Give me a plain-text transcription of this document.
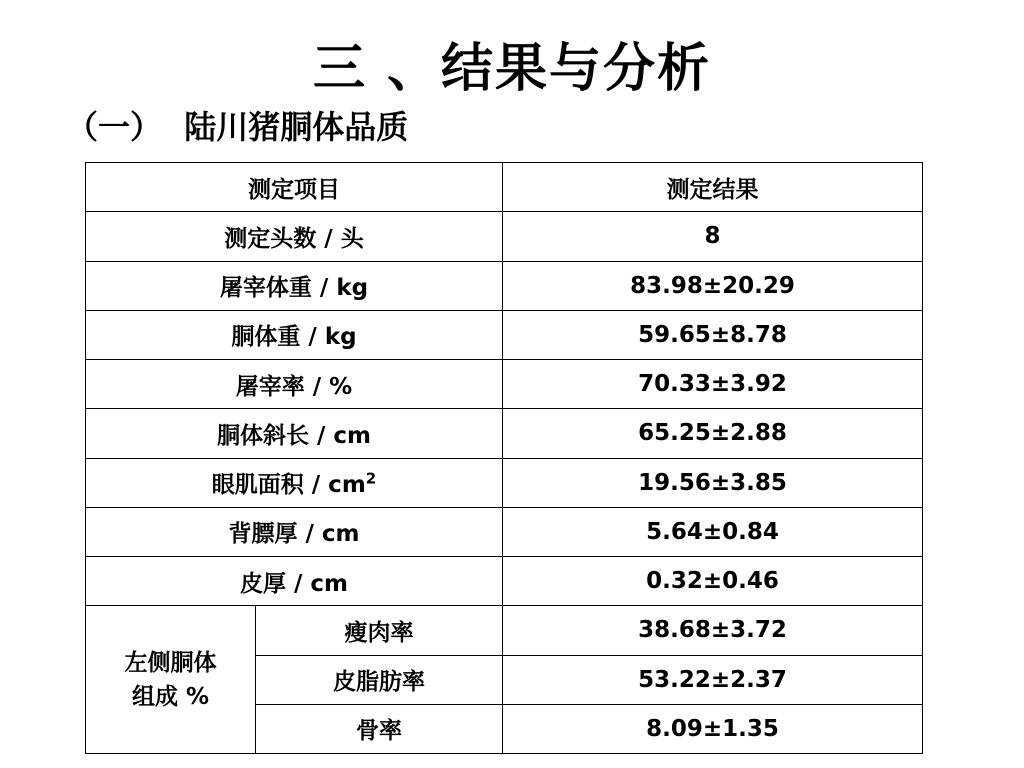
三 、结果与分析
（一）  陆川猪胴体品质
测定项目		测定结果
测定头数 / 头		8
屠宰体重 / kg		83.98±20.29
胴体重 / kg		59.65±8.78
屠宰率 / %		70.33±3.92
胴体斜长 / cm		65.25±2.88
眼肌面积 / $cm^2$		19.56±3.85
背膘厚 / cm		5.64±0.84
皮厚 / cm		0.32±0.46

左侧胴体
组成 %	瘦肉率	38.68±3.72
	皮脂肪率	53.22±2.37
	骨率	8.09±1.35
